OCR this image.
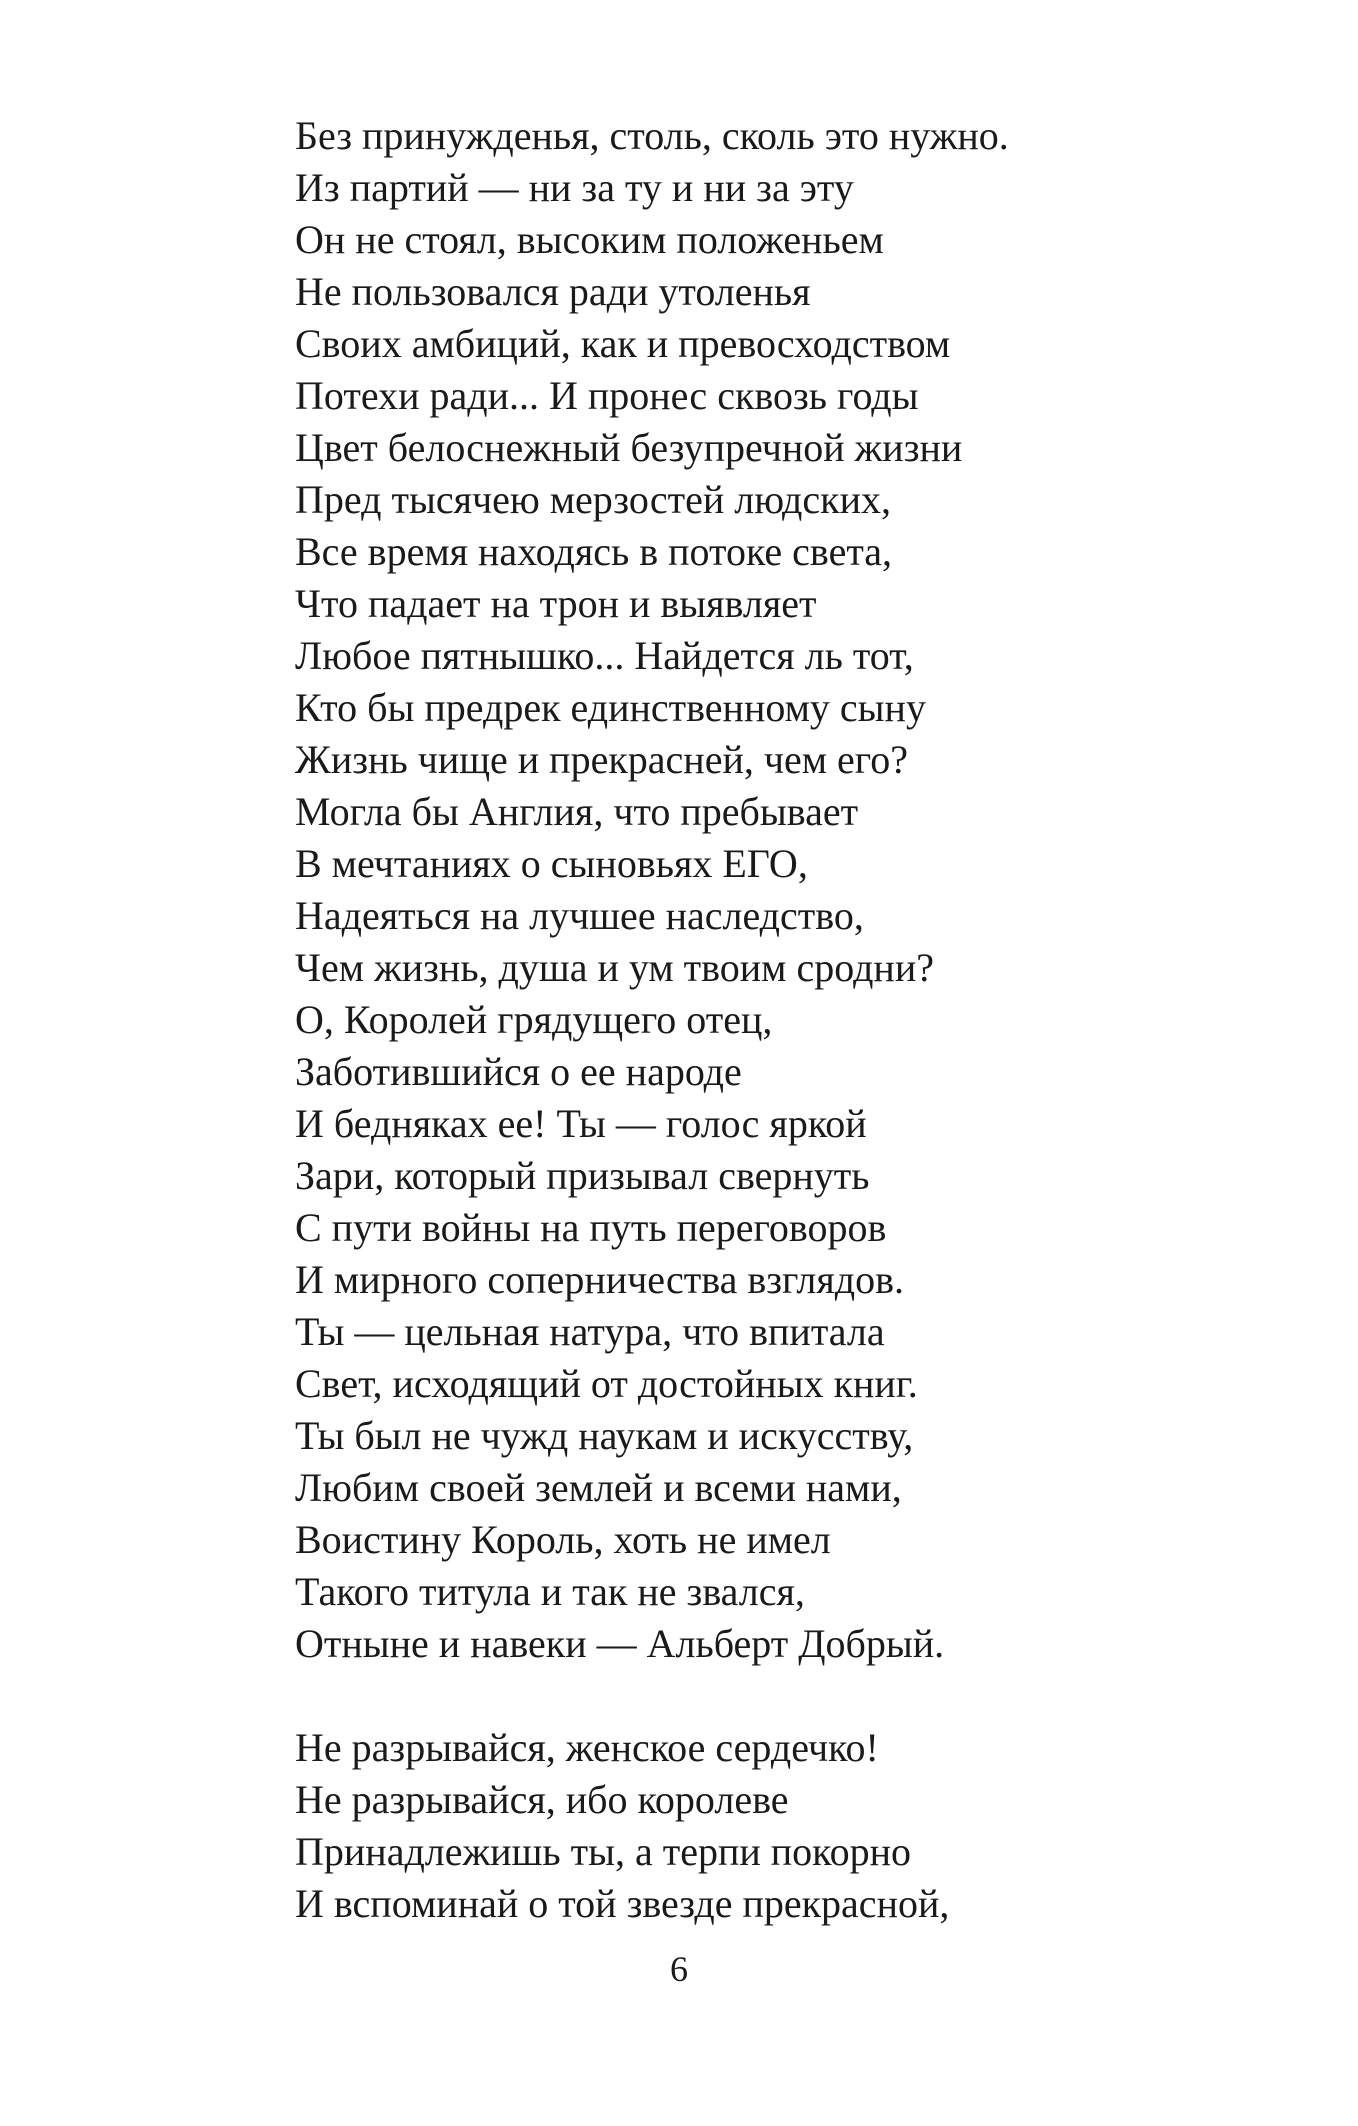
Без принужденья, столь, сколь это нужно.
Из партий — ни за ту и ни за эту
Он не стоял, высоким положеньем
Не пользовался ради утоленья
Своих амбиций, как и превосходством
Потехи ради... И пронес сквозь годы
Цвет белоснежный безупречной жизни
Пред тысячею мерзостей людских,
Все время находясь в потоке света,
Что падает на трон и выявляет
Любое пятнышко... Найдется ль тот,
Кто бы предрек единственному сыну
Жизнь чище и прекрасней, чем его?
Могла бы Англия, что пребывает
В мечтаниях о сыновьях ЕГО,
Надеяться на лучшее наследство,
Чем жизнь, душа и ум твоим сродни?
О, Королей грядущего отец,
Заботившийся о ее народе
И бедняках ее! Ты — голос яркой
Зари, который призывал свернуть
С пути войны на путь переговоров
И мирного соперничества взглядов.
Ты — цельная натура, что впитала
Свет, исходящий от достойных книг.
Ты был не чужд наукам и искусству,
Любим своей землей и всеми нами,
Воистину Король, хоть не имел
Такого титула и так не звался,
Отныне и навеки — Альберт Добрый.
Не разрывайся, женское сердечко!
Не разрывайся, ибо королеве
Принадлежишь ты, а терпи покорно
И вспоминай о той звезде прекрасной,
6
